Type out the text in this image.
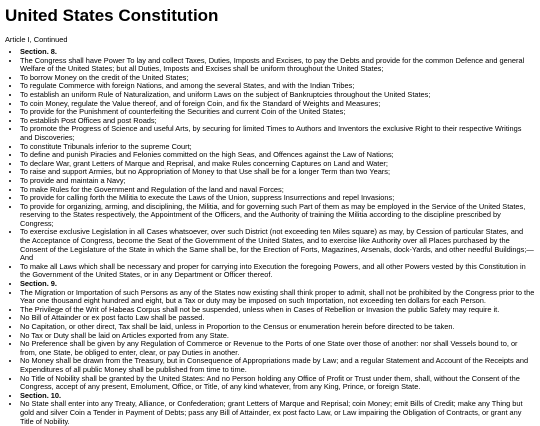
United States Constitution
Article I, Continued
• Section. 8.
• The Congress shall have Power To lay and collect Taxes, Duties, Imposts and Excises, to pay the Debts and provide for the common Defence and general Welfare of the United States; but all Duties, Imposts and Excises shall be uniform throughout the United States;
• To borrow Money on the credit of the United States;
• To regulate Commerce with foreign Nations, and among the several States, and with the Indian Tribes;
• To establish an uniform Rule of Naturalization, and uniform Laws on the subject of Bankruptcies throughout the United States;
• To coin Money, regulate the Value thereof, and of foreign Coin, and fix the Standard of Weights and Measures;
• To provide for the Punishment of counterfeiting the Securities and current Coin of the United States;
• To establish Post Offices and post Roads;
• To promote the Progress of Science and useful Arts, by securing for limited Times to Authors and Inventors the exclusive Right to their respective Writings and Discoveries;
• To constitute Tribunals inferior to the supreme Court;
• To define and punish Piracies and Felonies committed on the high Seas, and Offences against the Law of Nations;
• To declare War, grant Letters of Marque and Reprisal, and make Rules concerning Captures on Land and Water;
• To raise and support Armies, but no Appropriation of Money to that Use shall be for a longer Term than two Years;
• To provide and maintain a Navy;
• To make Rules for the Government and Regulation of the land and naval Forces;
• To provide for calling forth the Militia to execute the Laws of the Union, suppress Insurrections and repel Invasions;
• To provide for organizing, arming, and disciplining, the Militia, and for governing such Part of them as may be employed in the Service of the United States, reserving to the States respectively, the Appointment of the Officers, and the Authority of training the Militia according to the discipline prescribed by Congress;
• To exercise exclusive Legislation in all Cases whatsoever, over such District (not exceeding ten Miles square) as may, by Cession of particular States, and the Acceptance of Congress, become the Seat of the Government of the United States, and to exercise like Authority over all Places purchased by the Consent of the Legislature of the State in which the Same shall be, for the Erection of Forts, Magazines, Arsenals, dock-Yards, and other needful Buildings;—And
• To make all Laws which shall be necessary and proper for carrying into Execution the foregoing Powers, and all other Powers vested by this Constitution in the Government of the United States, or in any Department or Officer thereof.
• Section. 9.
• The Migration or Importation of such Persons as any of the States now existing shall think proper to admit, shall not be prohibited by the Congress prior to the Year one thousand eight hundred and eight, but a Tax or duty may be imposed on such Importation, not exceeding ten dollars for each Person.
• The Privilege of the Writ of Habeas Corpus shall not be suspended, unless when in Cases of Rebellion or Invasion the public Safety may require it.
• No Bill of Attainder or ex post facto Law shall be passed.
• No Capitation, or other direct, Tax shall be laid, unless in Proportion to the Census or enumeration herein before directed to be taken.
• No Tax or Duty shall be laid on Articles exported from any State.
• No Preference shall be given by any Regulation of Commerce or Revenue to the Ports of one State over those of another: nor shall Vessels bound to, or from, one State, be obliged to enter, clear, or pay Duties in another.
• No Money shall be drawn from the Treasury, but in Consequence of Appropriations made by Law; and a regular Statement and Account of the Receipts and Expenditures of all public Money shall be published from time to time.
• No Title of Nobility shall be granted by the United States: And no Person holding any Office of Profit or Trust under them, shall, without the Consent of the Congress, accept of any present, Emolument, Office, or Title, of any kind whatever, from any King, Prince, or foreign State.
• Section. 10.
• No State shall enter into any Treaty, Alliance, or Confederation; grant Letters of Marque and Reprisal; coin Money; emit Bills of Credit; make any Thing but gold and silver Coin a Tender in Payment of Debts; pass any Bill of Attainder, ex post facto Law, or Law impairing the Obligation of Contracts, or grant any Title of Nobility.
